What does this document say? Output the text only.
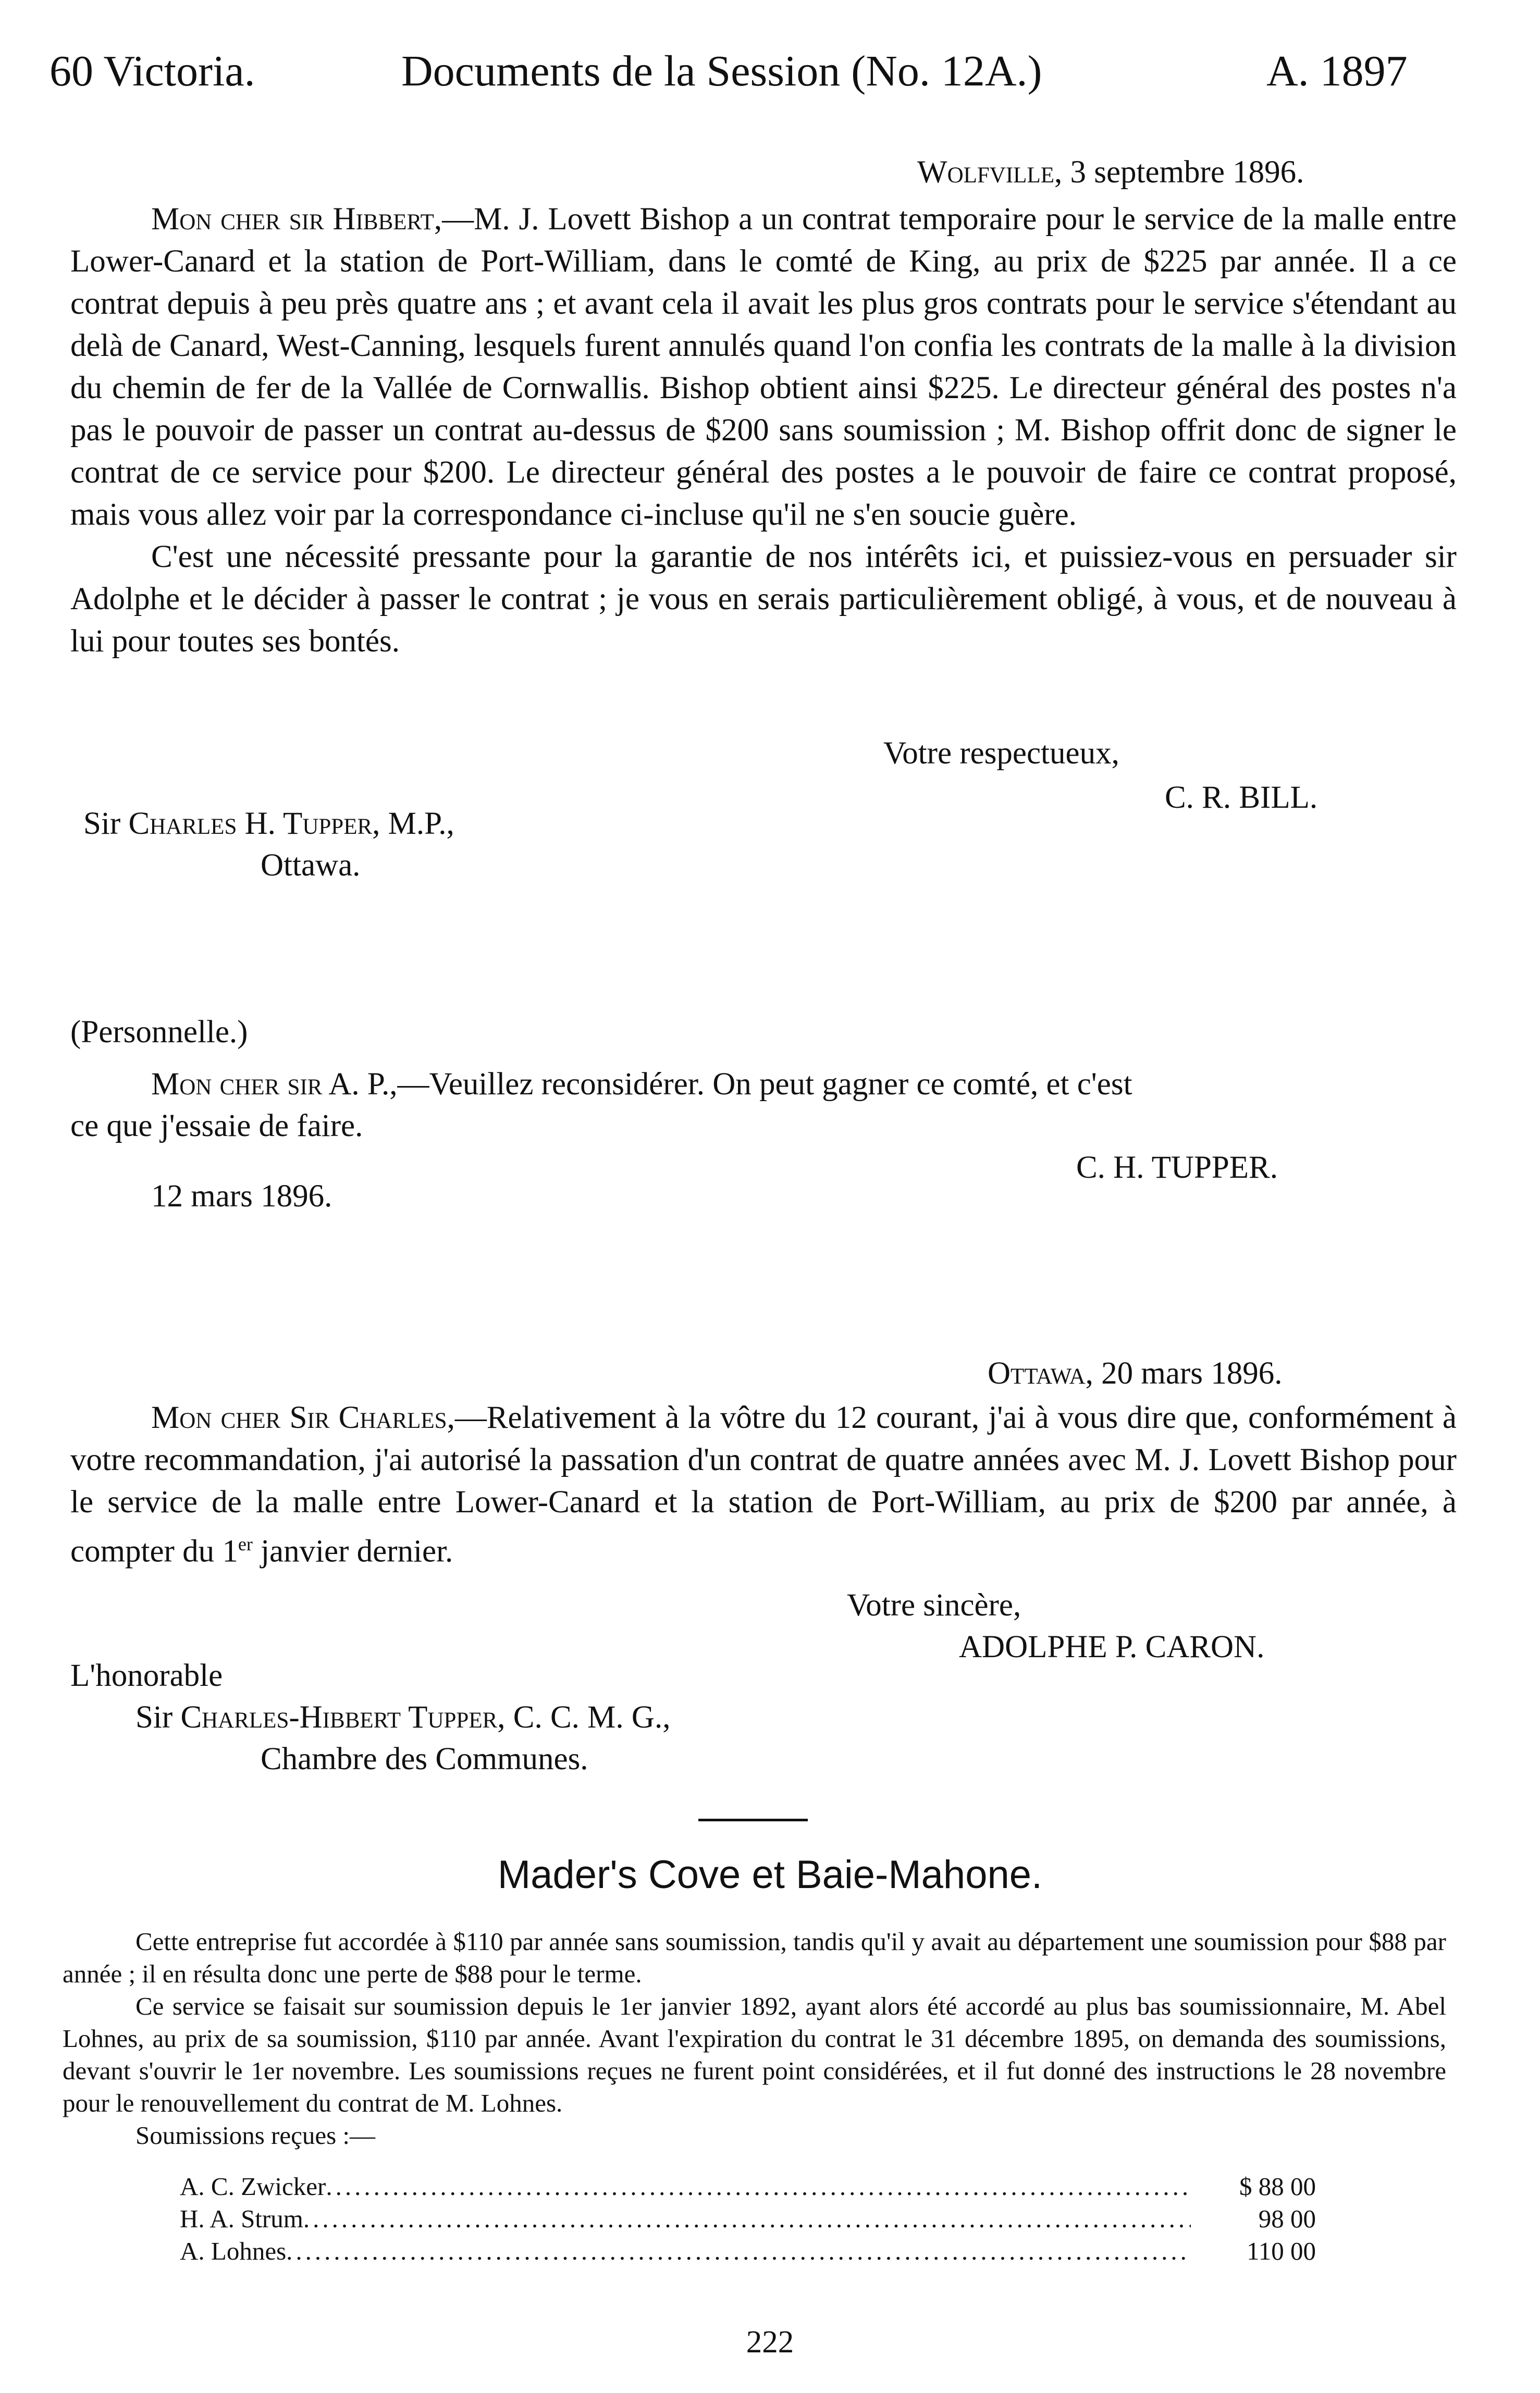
60 Victoria.	Documents de la Session (No. 12A.)	A. 1897
Wolfville, 3 septembre 1896.

Mon cher sir Hibbert,—M. J. Lovett Bishop a un contrat temporaire pour le service de la malle entre Lower-Canard et la station de Port-William, dans le comté de King, au prix de $225 par année. Il a ce contrat depuis à peu près quatre ans ; et avant cela il avait les plus gros contrats pour le service s'étendant au delà de Canard, West-Canning, lesquels furent annulés quand l'on confia les contrats de la malle à la division du chemin de fer de la Vallée de Cornwallis. Bishop obtient ainsi $225. Le directeur général des postes n'a pas le pouvoir de passer un contrat au-dessus de $200 sans soumission ; M. Bishop offrit donc de signer le contrat de ce service pour $200. Le directeur général des postes a le pouvoir de faire ce contrat proposé, mais vous allez voir par la correspondance ci-incluse qu'il ne s'en soucie guère.

C'est une nécessité pressante pour la garantie de nos intérêts ici, et puissiez-vous en persuader sir Adolphe et le décider à passer le contrat ; je vous en serais particulièrement obligé, à vous, et de nouveau à lui pour toutes ses bontés.

Votre respectueux,
C. R. BILL.
Sir Charles H. Tupper, M.P.,
Ottawa.
(Personnelle.)
Mon cher sir A. P.,—Veuillez reconsidérer. On peut gagner ce comté, et c'est
ce que j'essaie de faire.
C. H. TUPPER.
12 mars 1896.
Ottawa, 20 mars 1896.

Mon cher Sir Charles,—Relativement à la vôtre du 12 courant, j'ai à vous dire que, conformément à votre recommandation, j'ai autorisé la passation d'un contrat de quatre années avec M. J. Lovett Bishop pour le service de la malle entre Lower-Canard et la station de Port-William, au prix de $200 par année, à compter du 1er janvier dernier.

Votre sincère,
ADOLPHE P. CARON.
L'honorable
Sir Charles-Hibbert Tupper, C. C. M. G.,
Chambre des Communes.
Mader's Cove et Baie-Mahone.

Cette entreprise fut accordée à $110 par année sans soumission, tandis qu'il y avait au département une soumission pour $88 par année ; il en résulta donc une perte de $88 pour le terme.

Ce service se faisait sur soumission depuis le 1er janvier 1892, ayant alors été accordé au plus bas soumissionnaire, M. Abel Lohnes, au prix de sa soumission, $110 par année. Avant l'expiration du contrat le 31 décembre 1895, on demanda des soumissions, devant s'ouvrir le 1er novembre. Les soumissions reçues ne furent point considérées, et il fut donné des instructions le 28 novembre pour le renouvellement du contrat de M. Lohnes.

Soumissions reçues :—

A. C. Zwicker .....	$ 88 00
H. A. Strum .....	98 00
A. Lohnes .....	110 00
222
